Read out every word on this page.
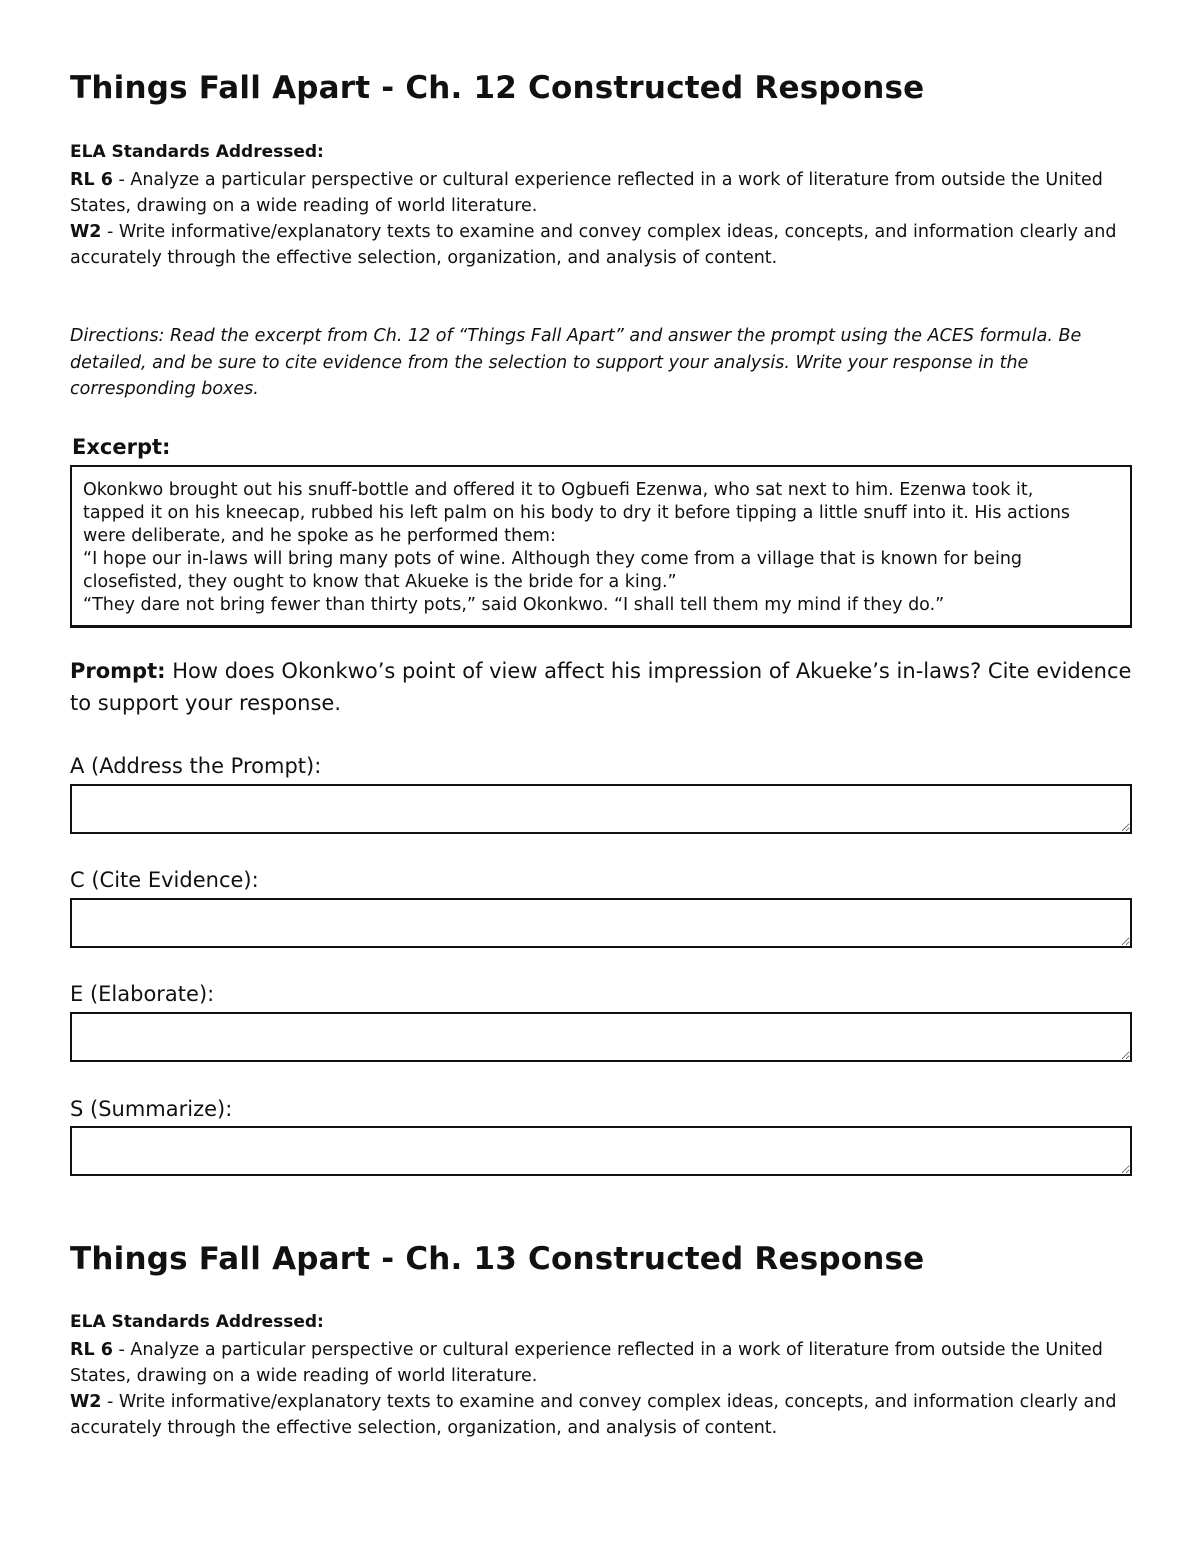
Things Fall Apart - Ch. 12 Constructed Response
ELA Standards Addressed:

RL 6 - Analyze a particular perspective or cultural experience reflected in a work of literature from outside the United States, drawing on a wide reading of world literature.

W2 - Write informative/explanatory texts to examine and convey complex ideas, concepts, and information clearly and accurately through the effective selection, organization, and analysis of content.

Directions: Read the excerpt from Ch. 12 of “Things Fall Apart” and answer the prompt using the ACES formula. Be detailed, and be sure to cite evidence from the selection to support your analysis. Write your response in the corresponding boxes.

Excerpt:

Okonkwo brought out his snuff-bottle and offered it to Ogbuefi Ezenwa, who sat next to him. Ezenwa took it, tapped it on his kneecap, rubbed his left palm on his body to dry it before tipping a little snuff into it. His actions were deliberate, and he spoke as he performed them:

“I hope our in-laws will bring many pots of wine. Although they come from a village that is known for being closefisted, they ought to know that Akueke is the bride for a king.”

“They dare not bring fewer than thirty pots,” said Okonkwo. “I shall tell them my mind if they do.”

Prompt: How does Okonkwo’s point of view affect his impression of Akueke’s in-laws? Cite evidence to support your response.

A (Address the Prompt):
C (Cite Evidence):
E (Elaborate):
S (Summarize):
Things Fall Apart - Ch. 13 Constructed Response
ELA Standards Addressed:

RL 6 - Analyze a particular perspective or cultural experience reflected in a work of literature from outside the United States, drawing on a wide reading of world literature.

W2 - Write informative/explanatory texts to examine and convey complex ideas, concepts, and information clearly and accurately through the effective selection, organization, and analysis of content.
